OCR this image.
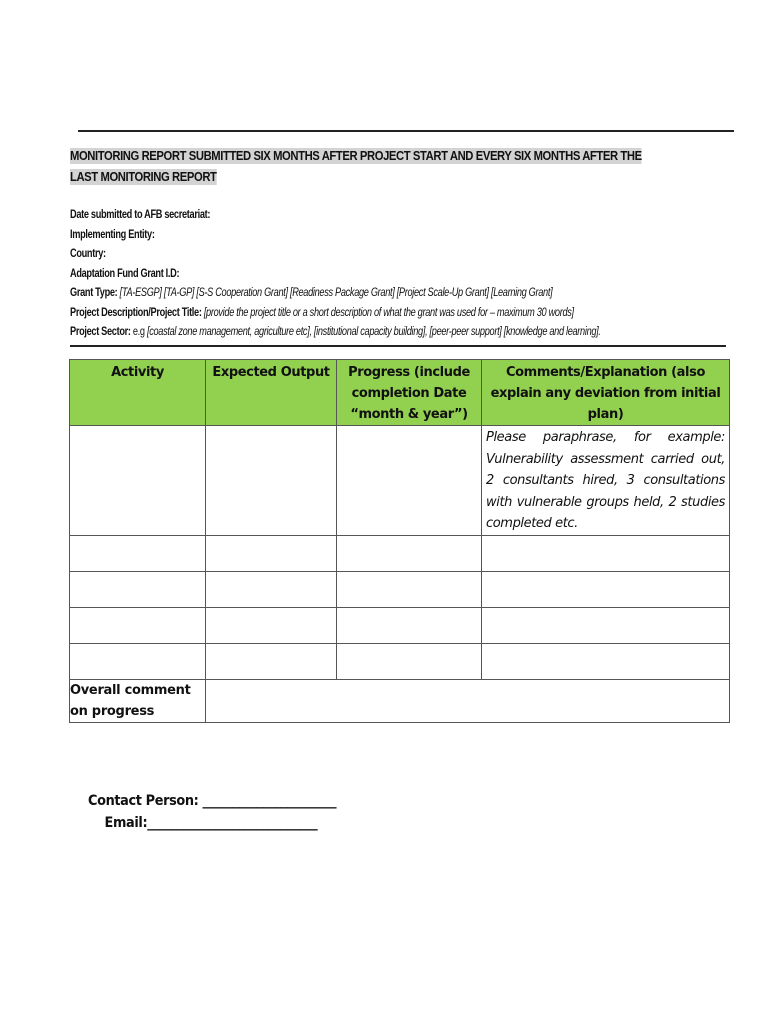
MONITORING REPORT SUBMITTED SIX MONTHS AFTER PROJECT START AND EVERY SIX MONTHS AFTER THE LAST MONITORING REPORT
Date submitted to AFB secretariat:
Implementing Entity:
Country:
Adaptation Fund Grant I.D:
Grant Type: [TA-ESGP] [TA-GP] [S-S Cooperation Grant] [Readiness Package Grant] [Project Scale-Up Grant] [Learning Grant]
Project Description/Project Title: [provide the project title or a short description of what the grant was used for – maximum 30 words]
Project Sector: e.g [coastal zone management, agriculture etc], [institutional capacity building], [peer-peer support] [knowledge and learning].
Activity	Expected Output	Progress (include completion Date “month & year”)	Comments/Explanation (also explain any deviation from initial plan)

			Please paraphrase, for example: Vulnerability assessment carried out, 2 consultants hired, 3 consultations with vulnerable groups held, 2 studies completed etc.

Overall comment on progress			
Contact Person: ______________________
Email:____________________________
